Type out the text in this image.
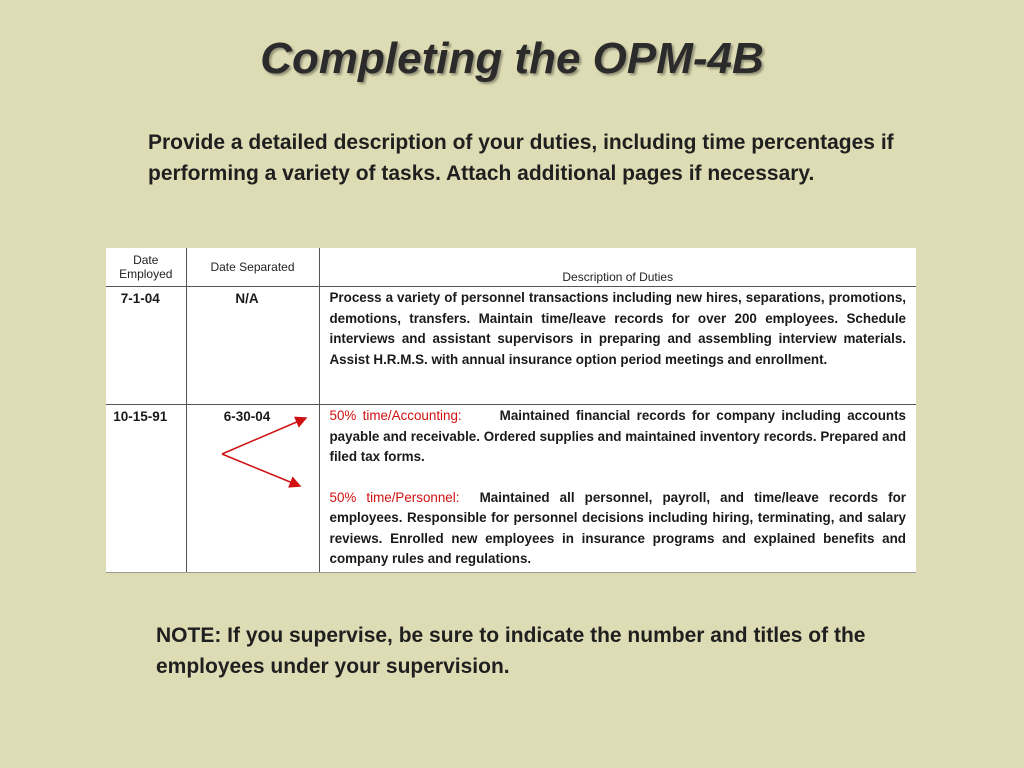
Completing the OPM-4B
Provide a detailed description of your duties, including time percentages if performing a variety of tasks. Attach additional pages if necessary.
Date Employed	Date Separated	Description of Duties
7-1-04	N/A	Process a variety of personnel transactions including new hires, separations, promotions, demotions, transfers. Maintain time/leave records for over 200 employees. Schedule interviews and assistant supervisors in preparing and assembling interview materials. Assist H.R.M.S. with annual insurance option period meetings and enrollment.
10-15-91	6-30-04	50% time/Accounting: Maintained financial records for company including accounts payable and receivable. Ordered supplies and maintained inventory records. Prepared and filed tax forms.
50% time/Personnel: Maintained all personnel, payroll, and time/leave records for employees. Responsible for personnel decisions including hiring, terminating, and salary reviews. Enrolled new employees in insurance programs and explained benefits and company rules and regulations.
NOTE: If you supervise, be sure to indicate the number and titles of the employees under your supervision.
